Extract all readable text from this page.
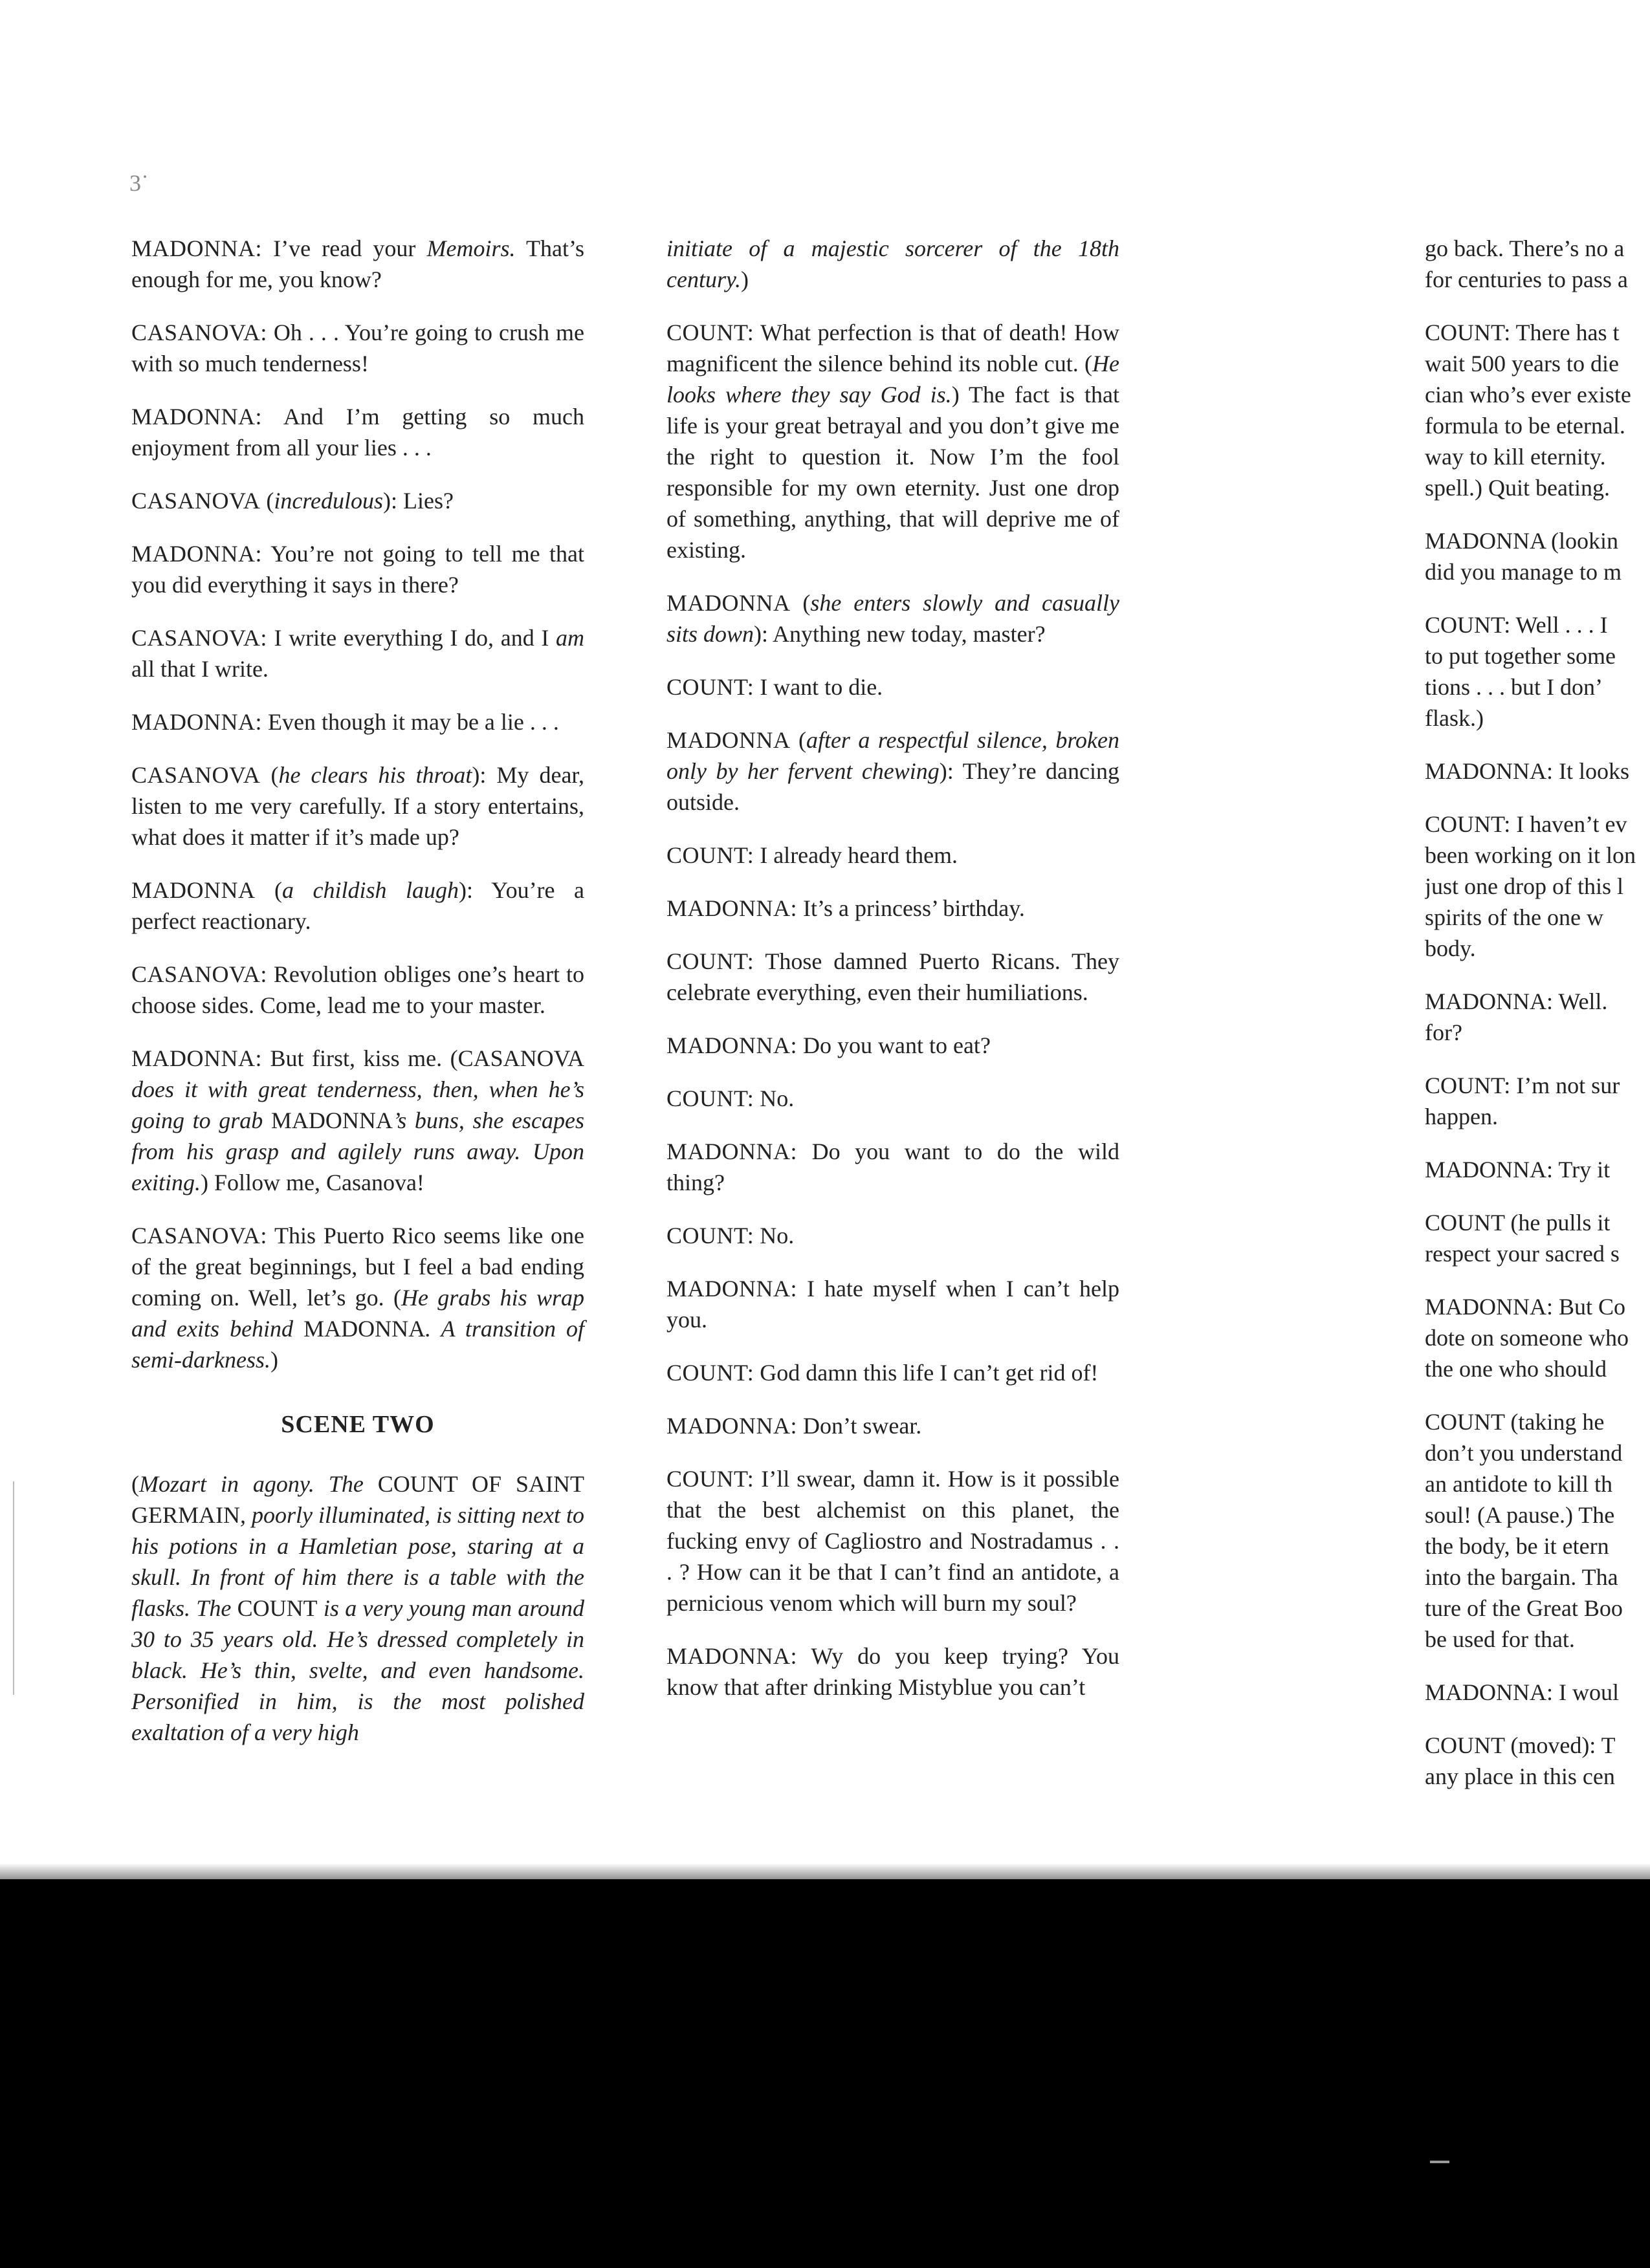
3˙

MADONNA: I’ve read your Memoirs. That’s enough for me, you know?

CASANOVA: Oh . . . You’re going to crush me with so much tenderness!

MADONNA: And I’m getting so much enjoyment from all your lies . . .

CASANOVA (incredulous): Lies?

MADONNA: You’re not going to tell me that you did everything it says in there?

CASANOVA: I write everything I do, and I am all that I write.

MADONNA: Even though it may be a lie . . .

CASANOVA (he clears his throat): My dear, listen to me very carefully. If a story entertains, what does it matter if it’s made up?

MADONNA (a childish laugh): You’re a perfect reactionary.

CASANOVA: Revolution obliges one’s heart to choose sides. Come, lead me to your master.

MADONNA: But first, kiss me. (CASANOVA does it with great tenderness, then, when he’s going to grab MADONNA’s buns, she escapes from his grasp and agilely runs away. Upon exiting.) Follow me, Casanova!

CASANOVA: This Puerto Rico seems like one of the great beginnings, but I feel a bad ending coming on. Well, let’s go. (He grabs his wrap and exits behind MADONNA. A transition of semi-darkness.)

SCENE TWO

(Mozart in agony. The COUNT OF SAINT GERMAIN, poorly illuminated, is sitting next to his potions in a Hamletian pose, staring at a skull. In front of him there is a table with the flasks. The COUNT is a very young man around 30 to 35 years old. He’s dressed completely in black. He’s thin, svelte, and even handsome. Personified in him, is the most polished exaltation of a very high

initiate of a majestic sorcerer of the 18th century.)

COUNT: What perfection is that of death! How magnificent the silence behind its noble cut. (He looks where they say God is.) The fact is that life is your great betrayal and you don’t give me the right to question it. Now I’m the fool responsible for my own eternity. Just one drop of something, anything, that will deprive me of existing.

MADONNA (she enters slowly and casually sits down): Anything new today, master?

COUNT: I want to die.

MADONNA (after a respectful silence, broken only by her fervent chewing): They’re dancing outside.

COUNT: I already heard them.

MADONNA: It’s a princess’ birthday.

COUNT: Those damned Puerto Ricans. They celebrate everything, even their humiliations.

MADONNA: Do you want to eat?

COUNT: No.

MADONNA: Do you want to do the wild thing?

COUNT: No.

MADONNA: I hate myself when I can’t help you.

COUNT: God damn this life I can’t get rid of!

MADONNA: Don’t swear.

COUNT: I’ll swear, damn it. How is it possible that the best alchemist on this planet, the fucking envy of Cagliostro and Nostradamus . . . ? How can it be that I can’t find an antidote, a pernicious venom which will burn my soul?

MADONNA: Wy do you keep trying? You know that after drinking Mistyblue you can’t

go back. There’s no a
for centuries to pass a

COUNT: There has t
wait 500 years to die
cian who’s ever existe
formula to be eternal.
way to kill eternity.
spell.) Quit beating.

MADONNA (lookin
did you manage to m

COUNT: Well . . . I
to put together some
tions . . . but I don’
flask.)

MADONNA: It looks

COUNT: I haven’t ev
been working on it lon
just one drop of this l
spirits of the one w
body.

MADONNA: Well.
for?

COUNT: I’m not sur
happen.

MADONNA: Try it

COUNT (he pulls it
respect your sacred s

MADONNA: But Co
dote on someone who
the one who should

COUNT (taking he
don’t you understand
an antidote to kill th
soul! (A pause.) The
the body, be it etern
into the bargain. Tha
ture of the Great Boo
be used for that.

MADONNA: I woul

COUNT (moved): T
any place in this cen
